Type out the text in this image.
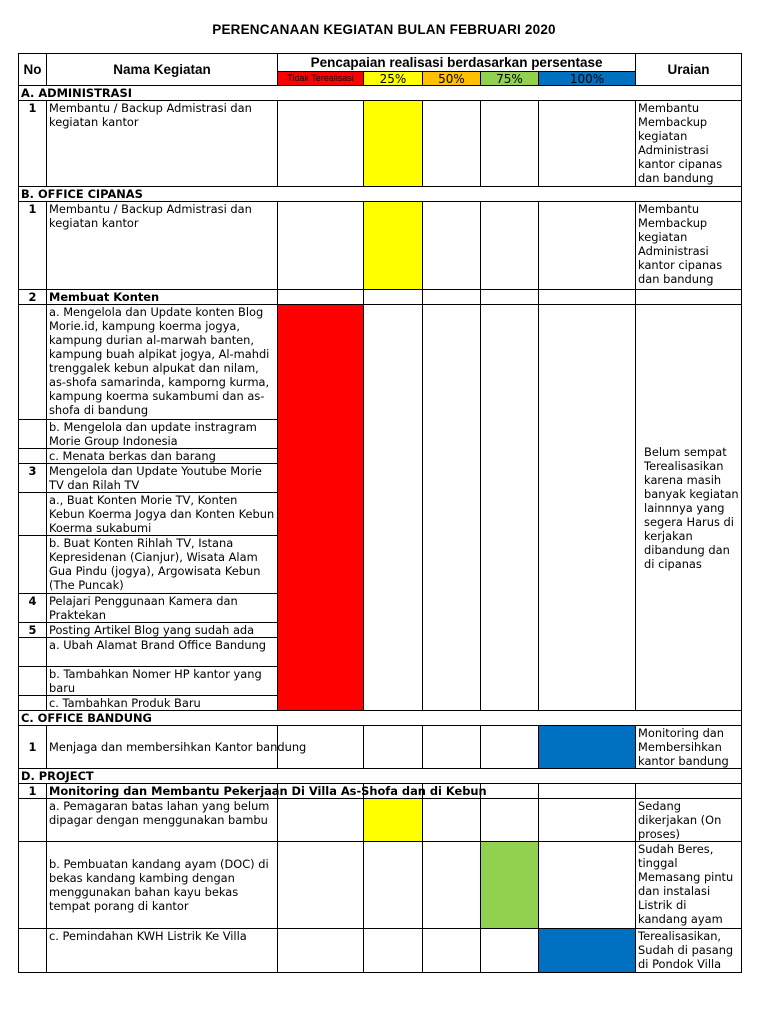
PERENCANAAN KEGIATAN BULAN FEBRUARI 2020
No	Nama Kegiatan	Pencapaian realisasi berdasarkan persentase					Uraian
		Tidak Terealisasi	25%	50%	75%	100%	
A. ADMINISTRASI							
1	Membantu / Backup Admistrasi dan kegiatan kantor						Membantu Membackup kegiatan Administrasi kantor cipanas dan bandung
B. OFFICE CIPANAS							
1	Membantu / Backup Admistrasi dan kegiatan kantor						Membantu Membackup kegiatan Administrasi kantor cipanas dan bandung
2	Membuat Konten						
	a. Mengelola dan Update konten Blog Morie.id, kampung koerma jogya, kampung durian al-marwah banten, kampung buah alpikat jogya, Al-mahdi trenggalek kebun alpukat dan nilam, as-shofa samarinda, kamporng kurma, kampung koerma sukambumi dan as-shofa di bandung						Belum sempat Terealisasikan karena masih banyak kegiatan lainnnya yang segera Harus di kerjakan dibandung dan di cipanas
	b. Mengelola dan update instragram Morie Group Indonesia						
	c. Menata berkas dan barang						
3	Mengelola dan Update Youtube Morie TV dan Rilah TV						
	a., Buat Konten Morie TV, Konten Kebun Koerma Jogya dan Konten Kebun Koerma sukabumi						
	b. Buat Konten Rihlah TV, Istana Kepresidenan (Cianjur), Wisata Alam Gua Pindu (jogya), Argowisata Kebun (The Puncak)						
4	Pelajari Penggunaan Kamera dan Praktekan						
5	Posting Artikel Blog yang sudah ada						
	a. Ubah Alamat Brand Office Bandung						
	b. Tambahkan Nomer HP kantor yang baru						
	c. Tambahkan Produk Baru						
C. OFFICE BANDUNG							
1	Menjaga dan membersihkan Kantor bandung						Monitoring dan Membersihkan kantor bandung
D. PROJECT							
1	Monitoring dan Membantu Pekerjaan Di Villa As-Shofa dan di Kebun						
	a. Pemagaran batas lahan yang belum dipagar dengan menggunakan bambu						Sedang dikerjakan (On proses)
	b. Pembuatan kandang ayam (DOC) di bekas kandang kambing dengan menggunakan bahan kayu bekas tempat porang di kantor						Sudah Beres, tinggal Memasang pintu dan instalasi Listrik di kandang ayam
	c. Pemindahan KWH Listrik Ke Villa						Terealisasikan, Sudah di pasang di Pondok Villa
